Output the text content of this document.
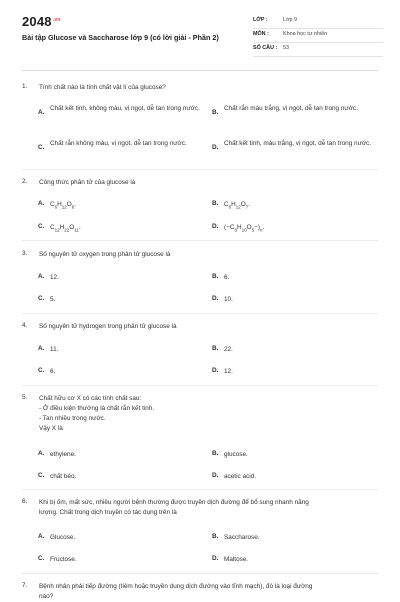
$2048^{.vn}$
Bài tập Glucose và Saccharose lớp 9 (có lời giải - Phần 2)
LỚP :	Lớp 9
MÔN :	Khoa học tự nhiên
SỐ CÂU : 53
1. Tính chất nào là tính chất vật lí của glucose?
A.
Chất kết tinh, không màu, vị ngọt, dễ tan trong nước.
B.
Chất rắn màu trắng, vị ngọt, dễ tan trong nước.
C.
Chất rắn không màu, vị ngọt, dễ tan trong nước.
D.
Chất kết tinh, màu trắng, vị ngọt, dễ tan trong nước.
2. Công thức phân tử của glucose là
A. $C_6H_{12}O_6$.	B. $C_6H_{12}O_7$.
C. $C_{12}H_{22}O_{11}$.	D. $(-C_6H_{10}O_5-)_n$.
3. Số nguyên tử oxygen trong phân tử glucose là
A. 12.	B. 6.
C. 5.	D. 10.
4. Số nguyên tử hydrogen trong phân tử glucose là
A. 11.	B. 22.
C. 6.	D. 12.
5. Chất hữu cơ X có các tính chất sau:
- Ở điều kiện thường là chất rắn kết tinh.
- Tan nhiều trong nước.
Vậy X là
A. ethylene.	B. glucose.
C. chất béo.	D. acetic acid.
6. Khi bị ốm, mất sức, nhiều người bệnh thường được truyền dịch đường để bổ sung nhanh năng
lượng. Chất trong dịch truyền có tác dụng trên là
A. Glucose.	B. Saccharose.
C. Fructose.	D. Maltose.
7. Bệnh nhân phải tiếp đường (tiêm hoặc truyền dung dịch đường vào tĩnh mạch), đó là loại đường
nào?
